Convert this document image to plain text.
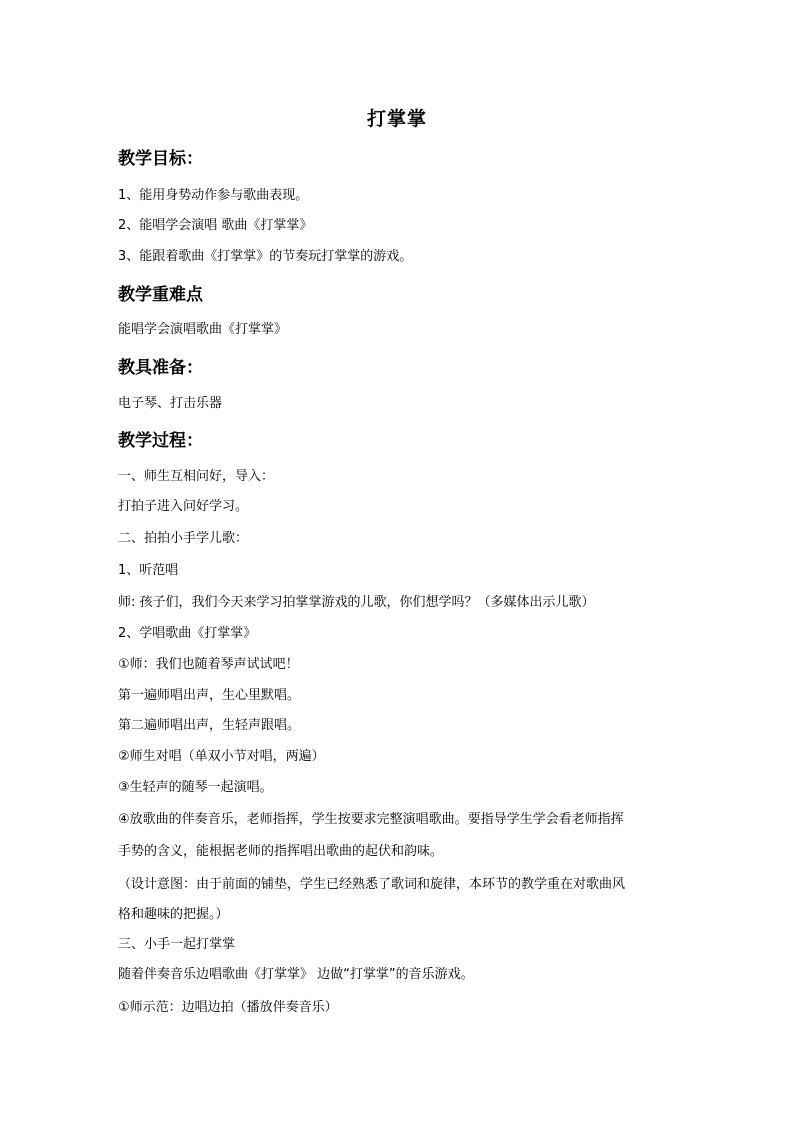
打掌掌
教学目标：
1、能用身势动作参与歌曲表现。
2、能唱学会演唱 歌曲《打掌掌》
3、能跟着歌曲《打掌掌》的节奏玩打掌掌的游戏。
教学重难点
能唱学会演唱歌曲《打掌掌》
教具准备：
电子琴、打击乐器
教学过程：
一、师生互相问好，导入：
打拍子进入问好学习。
二、拍拍小手学儿歌：
1、听范唱
师: 孩子们，我们今天来学习拍掌掌游戏的儿歌，你们想学吗？（多媒体出示儿歌）
2、学唱歌曲《打掌掌》
①师：我们也随着琴声试试吧！
第一遍师唱出声，生心里默唱。
第二遍师唱出声，生轻声跟唱。
②师生对唱（单双小节对唱，两遍）
③生轻声的随琴一起演唱。
④放歌曲的伴奏音乐，老师指挥，学生按要求完整演唱歌曲。要指导学生学会看老师指挥
手势的含义，能根据老师的指挥唱出歌曲的起伏和韵味。
（设计意图：由于前面的铺垫，学生已经熟悉了歌词和旋律，本环节的教学重在对歌曲风
格和趣味的把握。）
三、小手一起打掌掌
随着伴奏音乐边唱歌曲《打掌掌》 边做“打掌掌”的音乐游戏。
①师示范：边唱边拍（播放伴奏音乐）
